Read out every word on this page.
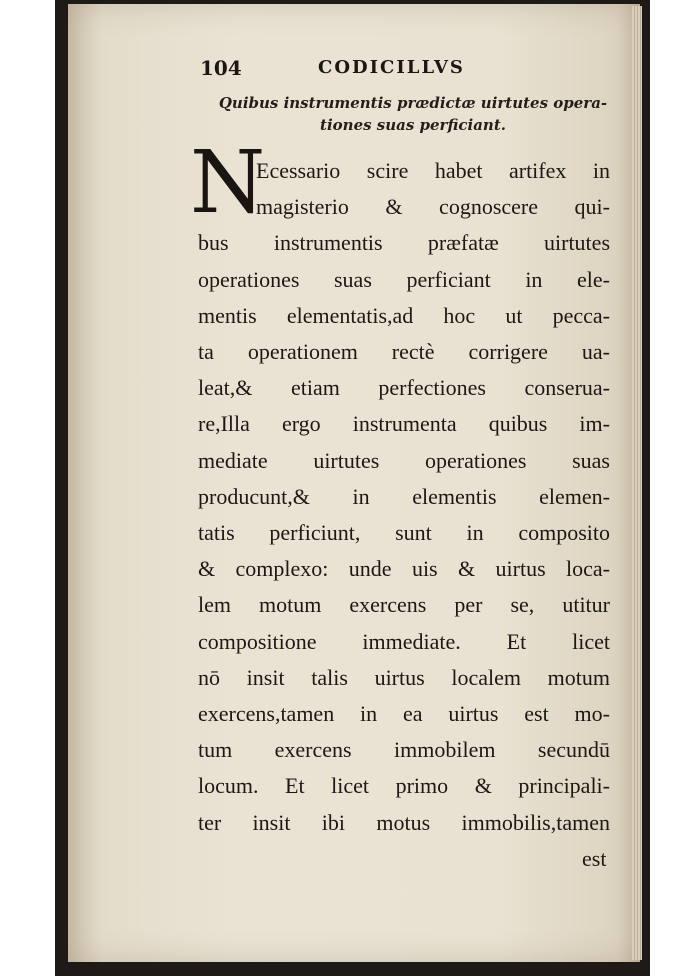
104	CODICILLVS
Quibus instrumentis prædictæ uirtutes opera-
tiones suas perficiant.
N
Ecessario scire habet artifex in
magisterio & cognoscere qui-
bus instrumentis præfatæ uirtutes
operationes suas perficiant in ele-
mentis elementatis,ad hoc ut pecca-
ta operationem rectè corrigere ua-
leat,& etiam perfectiones conserua-
re,Illa ergo instrumenta quibus im-
mediate uirtutes operationes suas
producunt,& in elementis elemen-
tatis perficiunt, sunt in composito
& complexo: unde uis & uirtus loca-
lem motum exercens per se, utitur
compositione immediate. Et licet
nō insit talis uirtus localem motum
exercens,tamen in ea uirtus est mo-
tum exercens immobilem secundū
locum. Et licet primo & principali-
ter insit ibi motus immobilis,tamen
est
